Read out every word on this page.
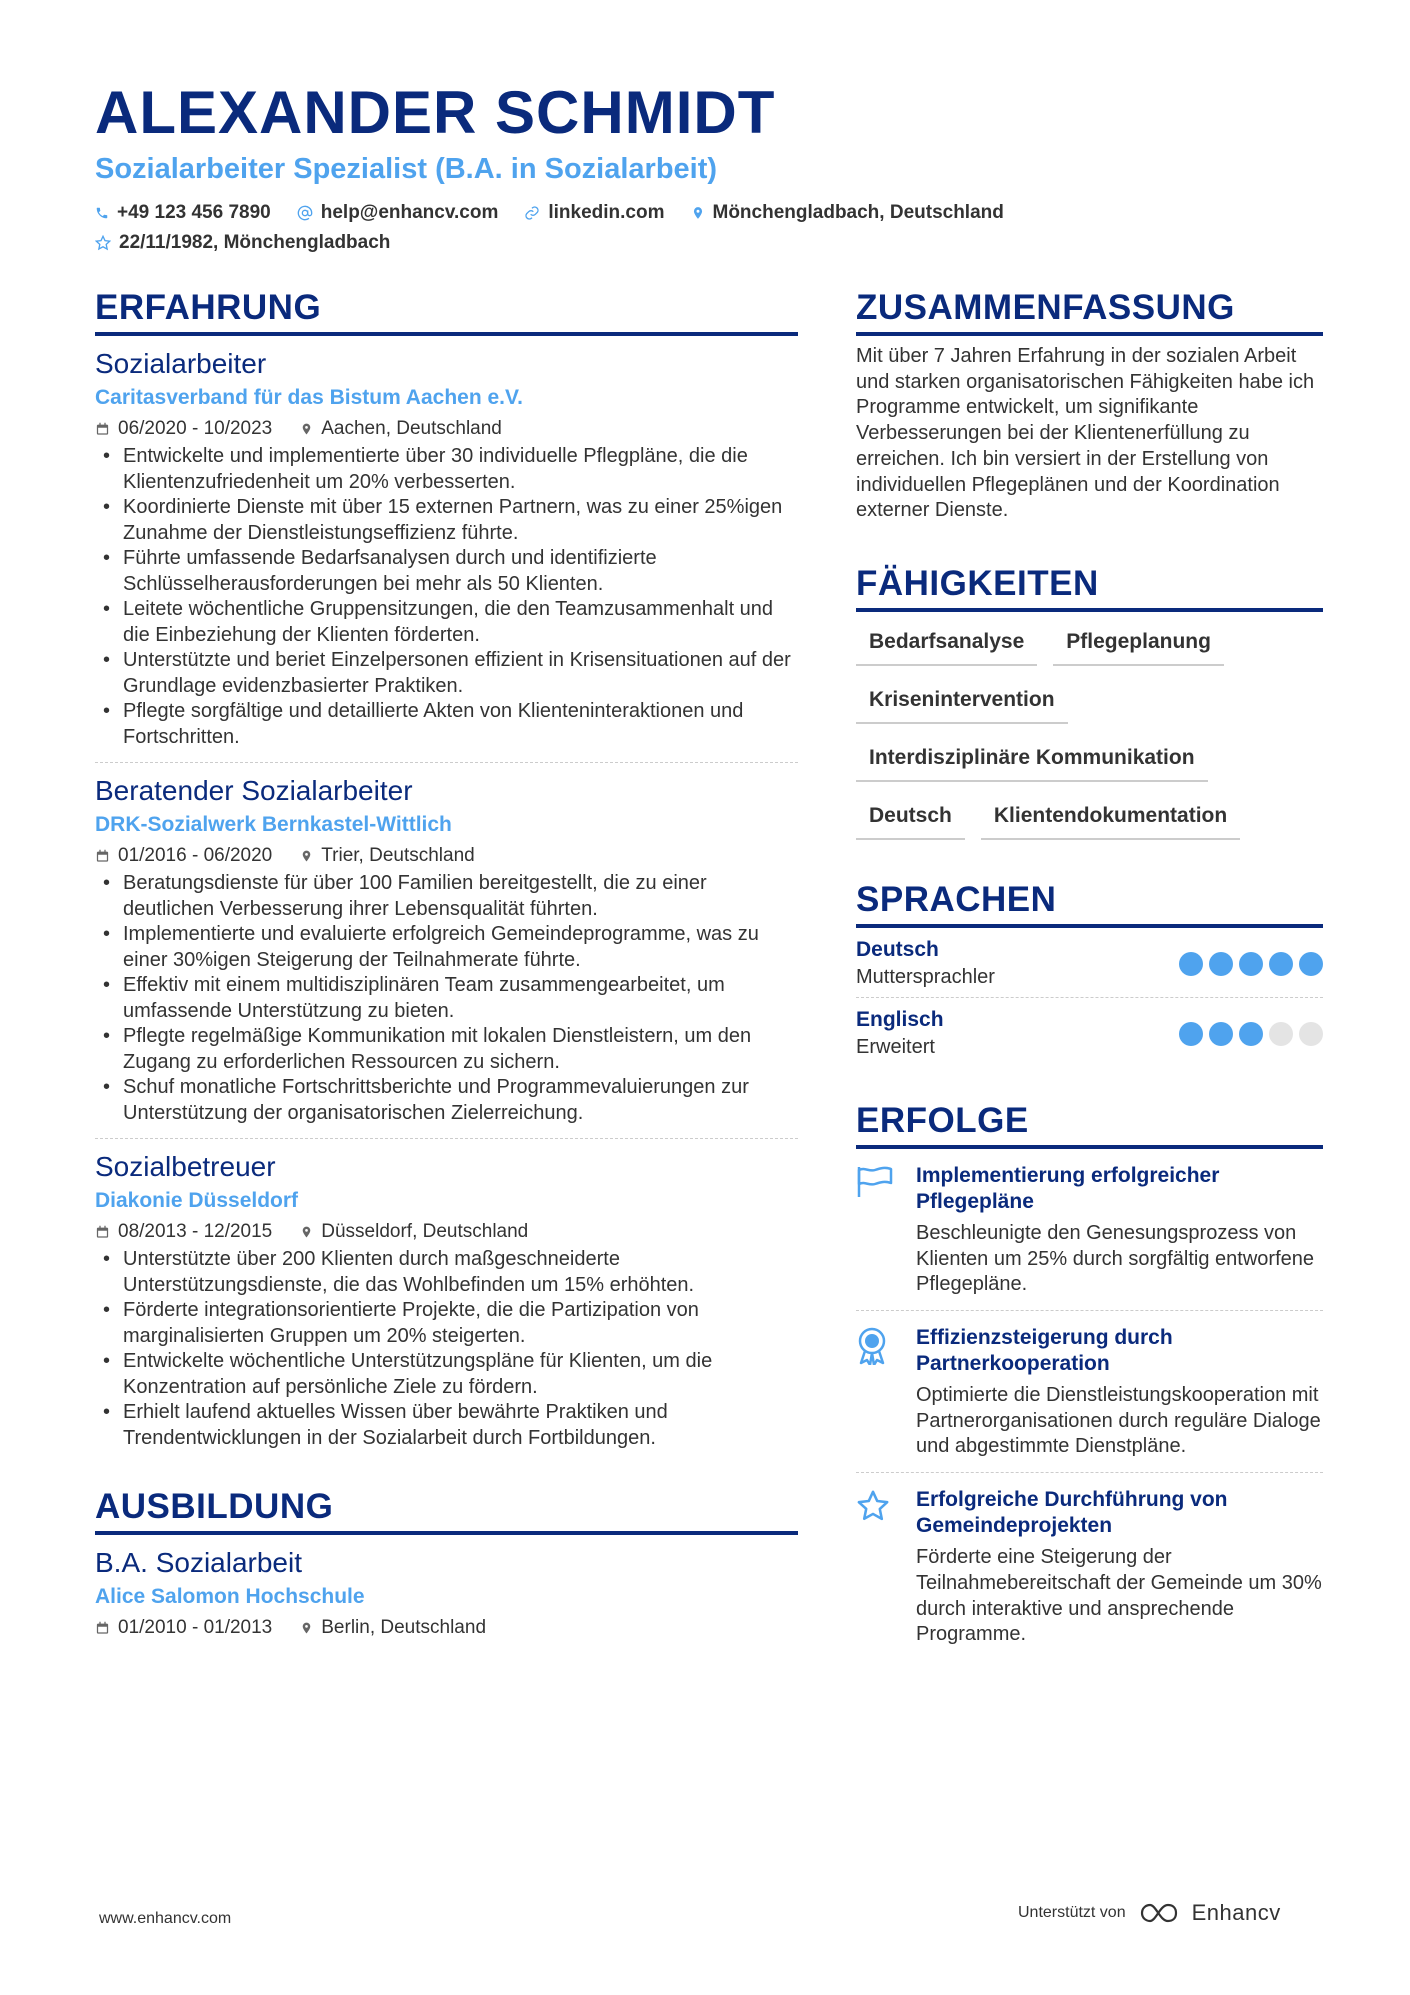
ALEXANDER SCHMIDT
Sozialarbeiter Spezialist (B.A. in Sozialarbeit)
+49 123 456 7890	help@enhancv.com	linkedin.com	Mönchengladbach, Deutschland
22/11/1982, Mönchengladbach
ERFAHRUNG
Sozialarbeiter
Caritasverband für das Bistum Aachen e.V.
06/2020 - 10/2023	Aachen, Deutschland
• Entwickelte und implementierte über 30 individuelle Pflegpläne, die die Klientenzufriedenheit um 20% verbesserten.
• Koordinierte Dienste mit über 15 externen Partnern, was zu einer 25%igen Zunahme der Dienstleistungseffizienz führte.
• Führte umfassende Bedarfsanalysen durch und identifizierte Schlüsselherausforderungen bei mehr als 50 Klienten.
• Leitete wöchentliche Gruppensitzungen, die den Teamzusammenhalt und die Einbeziehung der Klienten förderten.
• Unterstützte und beriet Einzelpersonen effizient in Krisensituationen auf der Grundlage evidenzbasierter Praktiken.
• Pflegte sorgfältige und detaillierte Akten von Klienteninteraktionen und Fortschritten.
Beratender Sozialarbeiter
DRK-Sozialwerk Bernkastel-Wittlich
01/2016 - 06/2020	Trier, Deutschland
• Beratungsdienste für über 100 Familien bereitgestellt, die zu einer deutlichen Verbesserung ihrer Lebensqualität führten.
• Implementierte und evaluierte erfolgreich Gemeindeprogramme, was zu einer 30%igen Steigerung der Teilnahmerate führte.
• Effektiv mit einem multidisziplinären Team zusammengearbeitet, um umfassende Unterstützung zu bieten.
• Pflegte regelmäßige Kommunikation mit lokalen Dienstleistern, um den Zugang zu erforderlichen Ressourcen zu sichern.
• Schuf monatliche Fortschrittsberichte und Programmevaluierungen zur Unterstützung der organisatorischen Zielerreichung.
Sozialbetreuer
Diakonie Düsseldorf
08/2013 - 12/2015	Düsseldorf, Deutschland
• Unterstützte über 200 Klienten durch maßgeschneiderte Unterstützungsdienste, die das Wohlbefinden um 15% erhöhten.
• Förderte integrationsorientierte Projekte, die die Partizipation von marginalisierten Gruppen um 20% steigerten.
• Entwickelte wöchentliche Unterstützungspläne für Klienten, um die Konzentration auf persönliche Ziele zu fördern.
• Erhielt laufend aktuelles Wissen über bewährte Praktiken und Trendentwicklungen in der Sozialarbeit durch Fortbildungen.
AUSBILDUNG
B.A. Sozialarbeit
Alice Salomon Hochschule
01/2010 - 01/2013	Berlin, Deutschland
ZUSAMMENFASSUNG
Mit über 7 Jahren Erfahrung in der sozialen Arbeit und starken organisatorischen Fähigkeiten habe ich Programme entwickelt, um signifikante Verbesserungen bei der Klientenerfüllung zu erreichen. Ich bin versiert in der Erstellung von individuellen Pflegeplänen und der Koordination externer Dienste.
FÄHIGKEITEN
Bedarfsanalyse	Pflegeplanung
Krisenintervention
Interdisziplinäre Kommunikation
Deutsch	Klientendokumentation
SPRACHEN
Deutsch
Muttersprachler
Englisch
Erweitert
ERFOLGE
Implementierung erfolgreicher Pflegepläne
Beschleunigte den Genesungsprozess von Klienten um 25% durch sorgfältig entworfene Pflegepläne.
Effizienzsteigerung durch Partnerkooperation
Optimierte die Dienstleistungskooperation mit Partnerorganisationen durch reguläre Dialoge und abgestimmte Dienstpläne.
Erfolgreiche Durchführung von Gemeindeprojekten
Förderte eine Steigerung der Teilnahmebereitschaft der Gemeinde um 30% durch interaktive und ansprechende Programme.
www.enhancv.com	Unterstützt von	Enhancv
